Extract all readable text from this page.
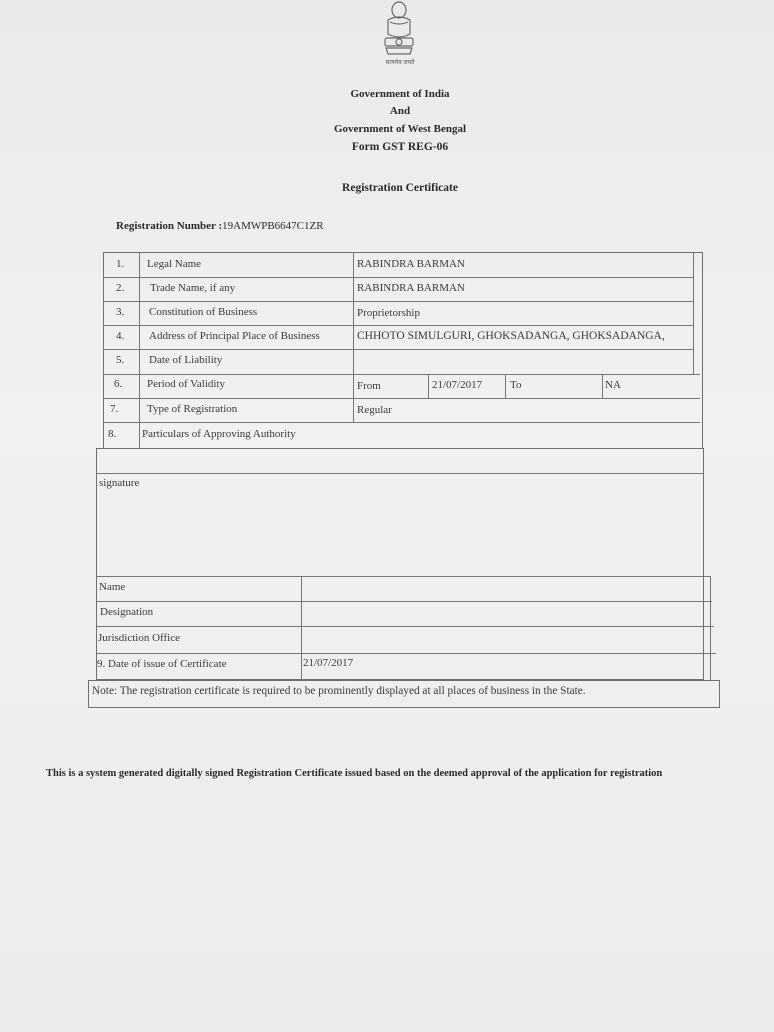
सत्यमेव जयते
Government of India
And
Government of West Bengal
Form GST REG-06
Registration Certificate
Registration Number :19AMWPB6647C1ZR
1. Legal Name	RABINDRA BARMAN
2. Trade Name, if any	RABINDRA BARMAN
3. Constitution of Business	Proprietorship
4. Address of Principal Place of Business	CHHOTO SIMULGURI, GHOKSADANGA, GHOKSADANGA,
5. Date of Liability
6. Period of Validity	From	21/07/2017	To	NA
7.	Type of Registration	Regular
8. Particulars of Approving Authority
signature
Name
Designation
Jurisdiction Office
9. Date of issue of Certificate	21/07/2017
Note: The registration certificate is required to be prominently displayed at all places of business in the State.
This is a system generated digitally signed Registration Certificate issued based on the deemed approval of the application for registration
